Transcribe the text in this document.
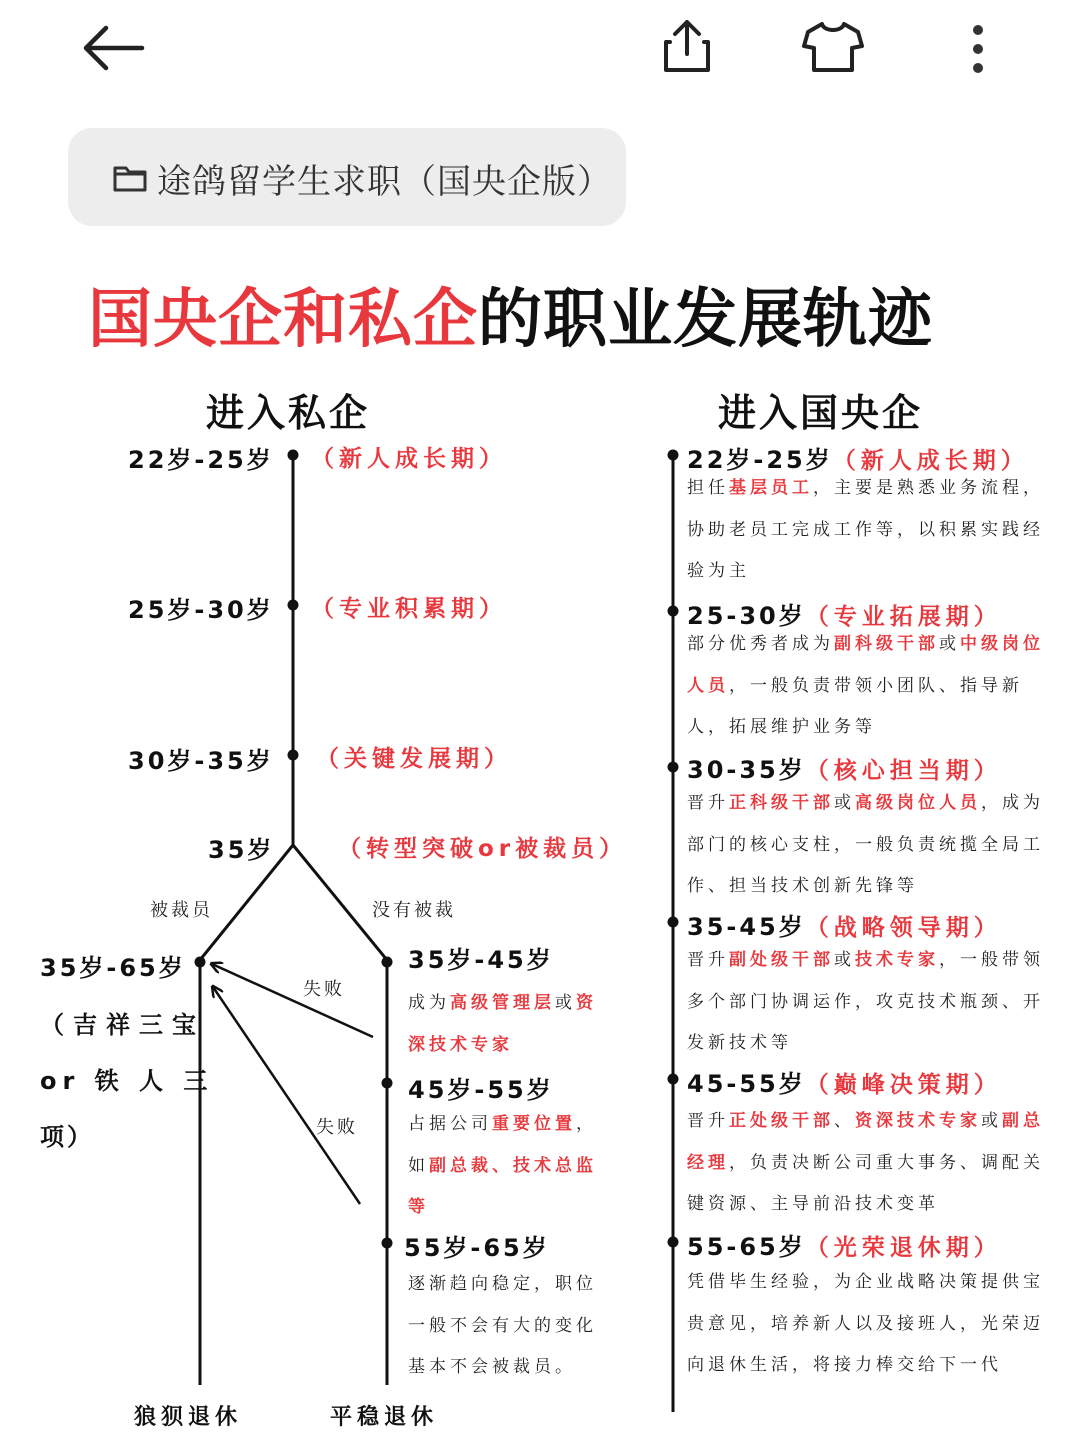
途鸽留学生求职（国央企版）
国央企和私企的职业发展轨迹
进入私企	进入国央企
22岁-25岁 （新人成长期）
25岁-30岁 （专业积累期）
30岁-35岁 （关键发展期）
35岁	（转型突破or被裁员）
被裁员	没有被裁
35岁-65岁
（吉祥三宝
or 铁 人 三
项）
失败
失败
35岁-45岁
成为高级管理层或资
深技术专家
45岁-55岁
占据公司重要位置，
如副总裁、技术总监
等
55岁-65岁
逐渐趋向稳定，职位
一般不会有大的变化
基本不会被裁员。
狼狈退休	平稳退休
22岁-25岁（新人成长期）
担任基层员工，主要是熟悉业务流程，协助老员工完成工作等，以积累实践经验为主
25-30岁（专业拓展期）
部分优秀者成为副科级干部或中级岗位人员，一般负责带领小团队、指导新人，拓展维护业务等
30-35岁（核心担当期）
晋升正科级干部或高级岗位人员，成为部门的核心支柱，一般负责统揽全局工作、担当技术创新先锋等
35-45岁（战略领导期）
晋升副处级干部或技术专家，一般带领多个部门协调运作，攻克技术瓶颈、开发新技术等
45-55岁（巅峰决策期）
晋升正处级干部、资深技术专家或副总经理，负责决断公司重大事务、调配关键资源、主导前沿技术变革
55-65岁（光荣退休期）
凭借毕生经验，为企业战略决策提供宝贵意见，培养新人以及接班人，光荣迈向退休生活，将接力棒交给下一代
